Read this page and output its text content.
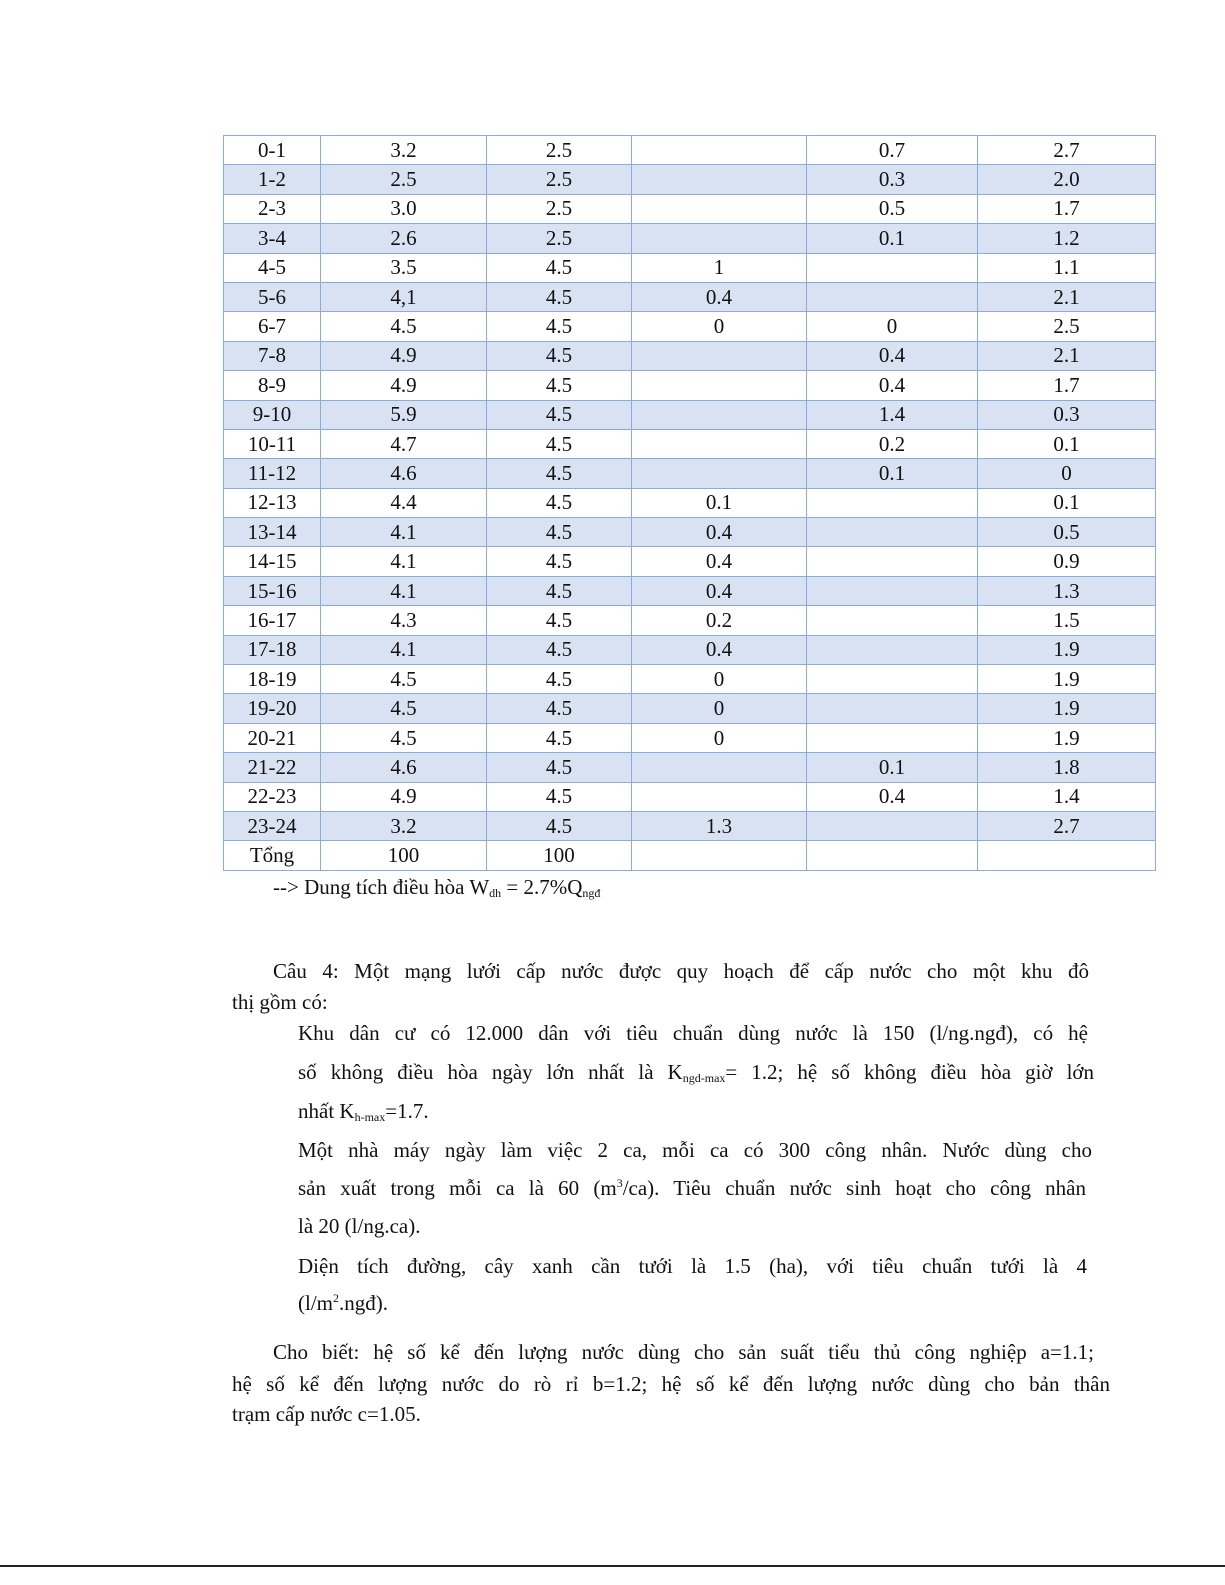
0-1	3.2	2.5		0.7	2.7
1-2	2.5	2.5		0.3	2.0
2-3	3.0	2.5		0.5	1.7
3-4	2.6	2.5		0.1	1.2
4-5	3.5	4.5	1		1.1
5-6	4,1	4.5	0.4		2.1
6-7	4.5	4.5	0	0	2.5
7-8	4.9	4.5		0.4	2.1
8-9	4.9	4.5		0.4	1.7
9-10	5.9	4.5		1.4	0.3
10-11	4.7	4.5		0.2	0.1
11-12	4.6	4.5		0.1	0
12-13	4.4	4.5	0.1		0.1
13-14	4.1	4.5	0.4		0.5
14-15	4.1	4.5	0.4		0.9
15-16	4.1	4.5	0.4		1.3
16-17	4.3	4.5	0.2		1.5
17-18	4.1	4.5	0.4		1.9
18-19	4.5	4.5	0		1.9
19-20	4.5	4.5	0		1.9
20-21	4.5	4.5	0		1.9
21-22	4.6	4.5		0.1	1.8
22-23	4.9	4.5		0.4	1.4
23-24	3.2	4.5	1.3		2.7
Tổng	100	100			

--> Dung tích điều hòa $W_{dh} = 2.7\%Q_{ngđ}$

Câu 4: Một mạng lưới cấp nước được quy hoạch để cấp nước cho một khu đô

thị gồm có:

Khu dân cư có 12.000 dân với tiêu chuẩn dùng nước là 150 (l/ng.ngđ), có hệ

số không điều hòa ngày lớn nhất là $K_{ngd-max}= 1.2$; hệ số không điều hòa giờ lớn

nhất $K_{h-max}=1.7$.

Một nhà máy ngày làm việc 2 ca, mỗi ca có 300 công nhân. Nước dùng cho

sản xuất trong mỗi ca là 60 $(m^3/ca)$. Tiêu chuẩn nước sinh hoạt cho công nhân

là 20 (l/ng.ca).

Diện tích đường, cây xanh cần tưới là 1.5 (ha), với tiêu chuẩn tưới là 4

$(l/m^2.ngđ)$.

Cho biết: hệ số kể đến lượng nước dùng cho sản suất tiểu thủ công nghiệp a=1.1;

hệ số kể đến lượng nước do rò rỉ b=1.2; hệ số kể đến lượng nước dùng cho bản thân

trạm cấp nước c=1.05.
